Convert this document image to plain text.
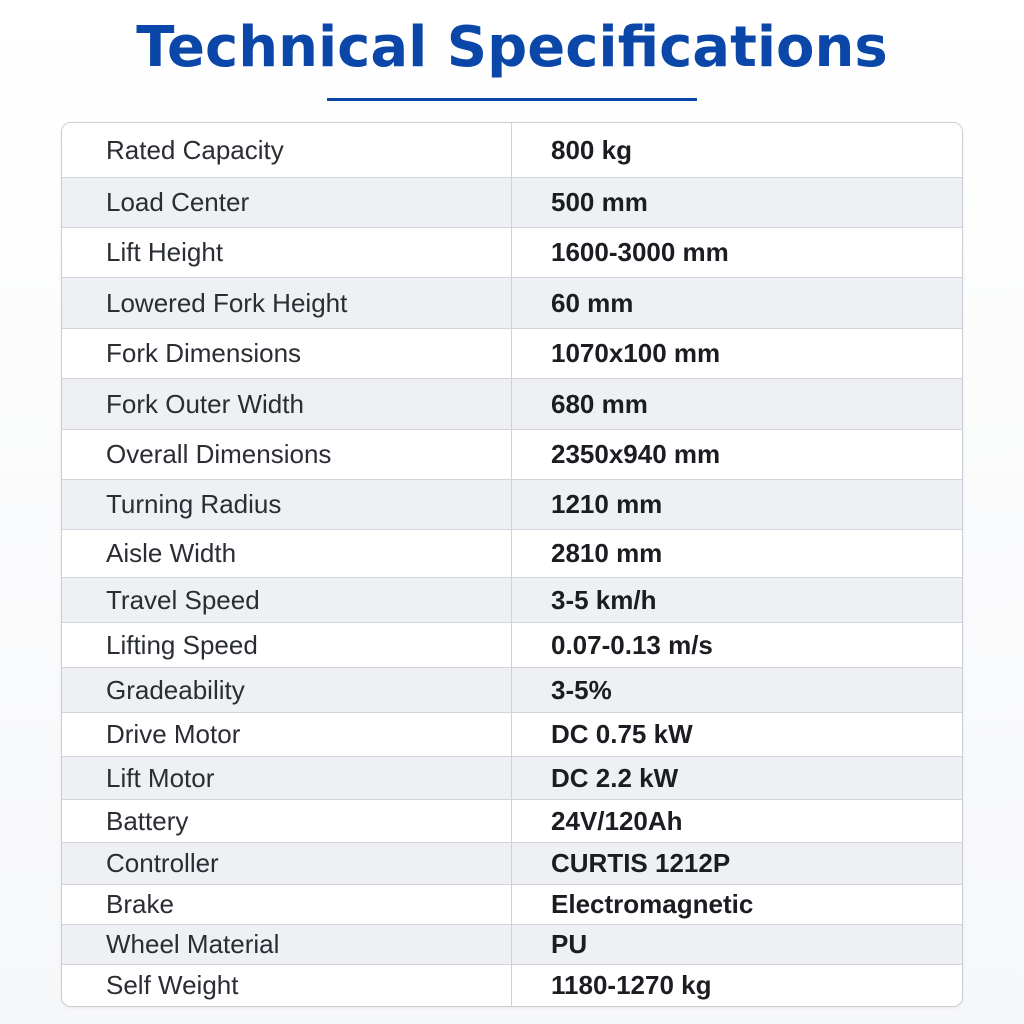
Technical Specifications
Rated Capacity	800 kg
Load Center	500 mm
Lift Height	1600-3000 mm
Lowered Fork Height	60 mm
Fork Dimensions	1070x100 mm
Fork Outer Width	680 mm
Overall Dimensions	2350x940 mm
Turning Radius	1210 mm
Aisle Width	2810 mm
Travel Speed	3-5 km/h
Lifting Speed	0.07-0.13 m/s
Gradeability	3-5%
Drive Motor	DC 0.75 kW
Lift Motor	DC 2.2 kW
Battery	24V/120Ah
Controller	CURTIS 1212P
Brake	Electromagnetic
Wheel Material	PU
Self Weight	1180-1270 kg
